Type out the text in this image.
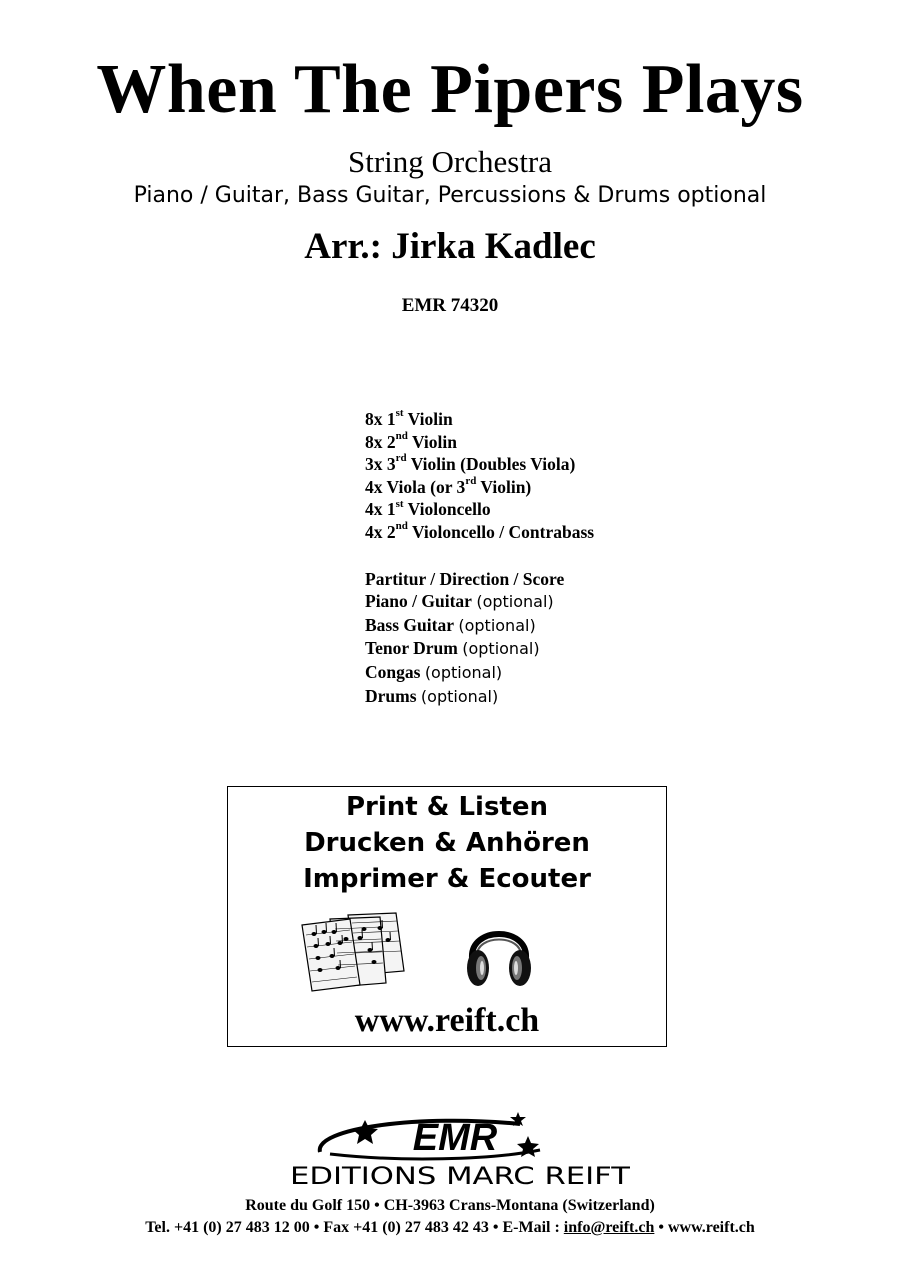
When The Pipers Plays
String Orchestra
Piano / Guitar, Bass Guitar, Percussions & Drums optional
Arr.: Jirka Kadlec
EMR 74320
8x 1st Violin
8x 2nd Violin
3x 3rd Violin (Doubles Viola)
4x Viola (or 3rd Violin)
4x 1st Violoncello
4x 2nd Violoncello / Contrabass
Partitur / Direction / Score
Piano / Guitar (optional)
Bass Guitar (optional)
Tenor Drum (optional)
Congas (optional)
Drums (optional)
Print & Listen
Drucken & Anhören
Imprimer & Ecouter
www.reift.ch
EMR
EDITIONS MARC REIFT
Route du Golf 150 • CH-3963 Crans-Montana (Switzerland)
Tel. +41 (0) 27 483 12 00 • Fax +41 (0) 27 483 42 43 • E-Mail : info@reift.ch • www.reift.ch
